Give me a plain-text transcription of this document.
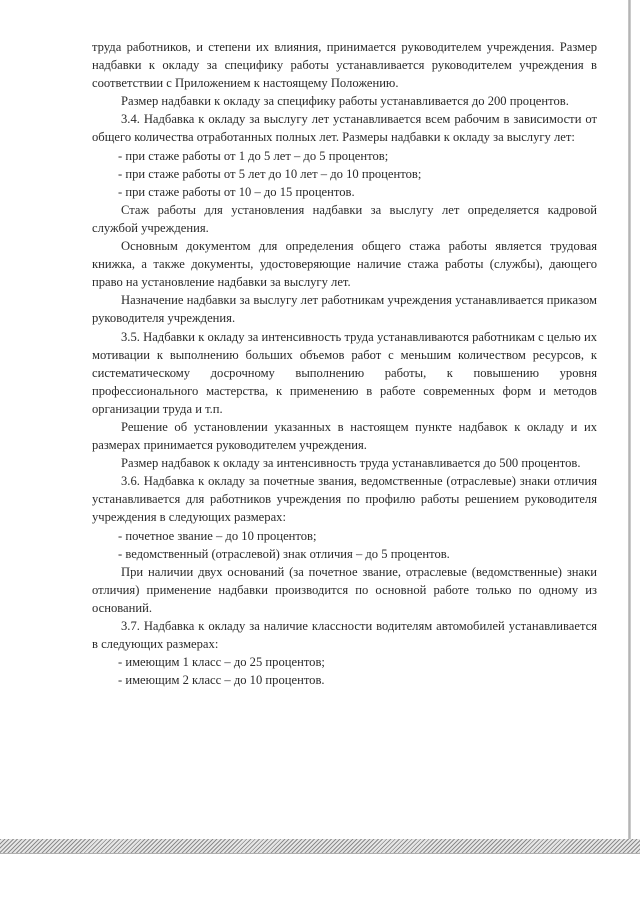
труда работников, и степени их влияния, принимается руководителем учреждения. Размер надбавки к окладу за специфику работы устанавливается руководителем учреждения в соответствии с Приложением к настоящему Положению.

Размер надбавки к окладу за специфику работы устанавливается до 200 процентов.

3.4. Надбавка к окладу за выслугу лет устанавливается всем рабочим в зависимости от общего количества отработанных полных лет. Размеры надбавки к окладу за выслугу лет:

- при стаже работы от 1 до 5 лет – до 5 процентов;

- при стаже работы от 5 лет до 10 лет – до 10 процентов;

- при стаже работы от 10 – до 15 процентов.

Стаж работы для установления надбавки за выслугу лет определяется кадровой службой учреждения.

Основным документом для определения общего стажа работы является трудовая книжка, а также документы, удостоверяющие наличие стажа работы (службы), дающего право на установление надбавки за выслугу лет.

Назначение надбавки за выслугу лет работникам учреждения устанавливается приказом руководителя учреждения.

3.5. Надбавки к окладу за интенсивность труда устанавливаются работникам с целью их мотивации к выполнению больших объемов работ с меньшим количеством ресурсов, к систематическому досрочному выполнению работы, к повышению уровня профессионального мастерства, к применению в работе современных форм и методов организации труда и т.п.

Решение об установлении указанных в настоящем пункте надбавок к окладу и их размерах принимается руководителем учреждения.

Размер надбавок к окладу за интенсивность труда устанавливается до 500 процентов.

3.6. Надбавка к окладу за почетные звания, ведомственные (отраслевые) знаки отличия устанавливается для работников учреждения по профилю работы решением руководителя учреждения в следующих размерах:

- почетное звание – до 10 процентов;

- ведомственный (отраслевой) знак отличия – до 5 процентов.

При наличии двух оснований (за почетное звание, отраслевые (ведомственные) знаки отличия) применение надбавки производится по основной работе только по одному из оснований.

3.7. Надбавка к окладу за наличие классности водителям автомобилей устанавливается в следующих размерах:

- имеющим 1 класс – до 25 процентов;

- имеющим 2 класс – до 10 процентов.
